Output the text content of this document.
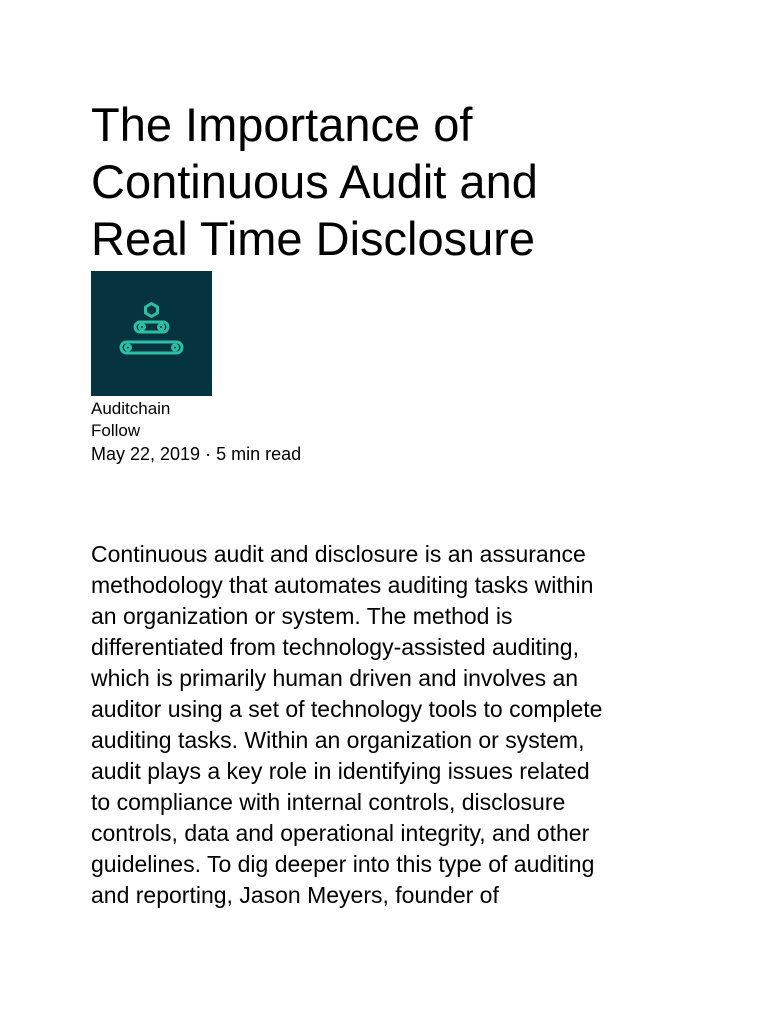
The Importance of
Continuous Audit and
Real Time Disclosure
Auditchain
Follow
May 22, 2019 · 5 min read
Continuous audit and disclosure is an assurance
methodology that automates auditing tasks within
an organization or system. The method is
differentiated from technology-assisted auditing,
which is primarily human driven and involves an
auditor using a set of technology tools to complete
auditing tasks. Within an organization or system,
audit plays a key role in identifying issues related
to compliance with internal controls, disclosure
controls, data and operational integrity, and other
guidelines. To dig deeper into this type of auditing
and reporting, Jason Meyers, founder of
